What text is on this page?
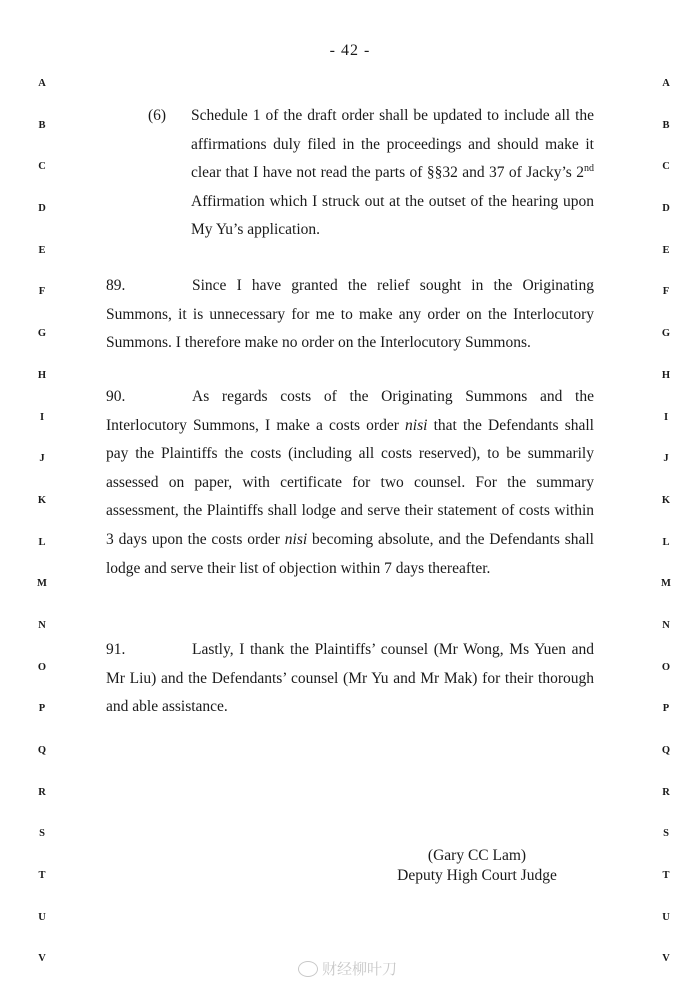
- 42 -
A
B
C
D
E
F
G
H
I
J
K
L
M
N
O
P
Q
R
S
T
U
V
A
B
C
D
E
F
G
H
I
J
K
L
M
N
O
P
Q
R
S
T
U
V
(6) Schedule 1 of the draft order shall be updated to include all the affirmations duly filed in the proceedings and should make it clear that I have not read the parts of §§32 and 37 of Jacky’s 2nd Affirmation which I struck out at the outset of the hearing upon My Yu’s application.
89.	Since I have granted the relief sought in the Originating Summons, it is unnecessary for me to make any order on the Interlocutory Summons. I therefore make no order on the Interlocutory Summons.
90.	As regards costs of the Originating Summons and the Interlocutory Summons, I make a costs order nisi that the Defendants shall pay the Plaintiffs the costs (including all costs reserved), to be summarily assessed on paper, with certificate for two counsel. For the summary assessment, the Plaintiffs shall lodge and serve their statement of costs within 3 days upon the costs order nisi becoming absolute, and the Defendants shall lodge and serve their list of objection within 7 days thereafter.
91.	Lastly, I thank the Plaintiffs’ counsel (Mr Wong, Ms Yuen and Mr Liu) and the Defendants’ counsel (Mr Yu and Mr Mak) for their thorough and able assistance.
(Gary CC Lam)
Deputy High Court Judge
财经柳叶刀
